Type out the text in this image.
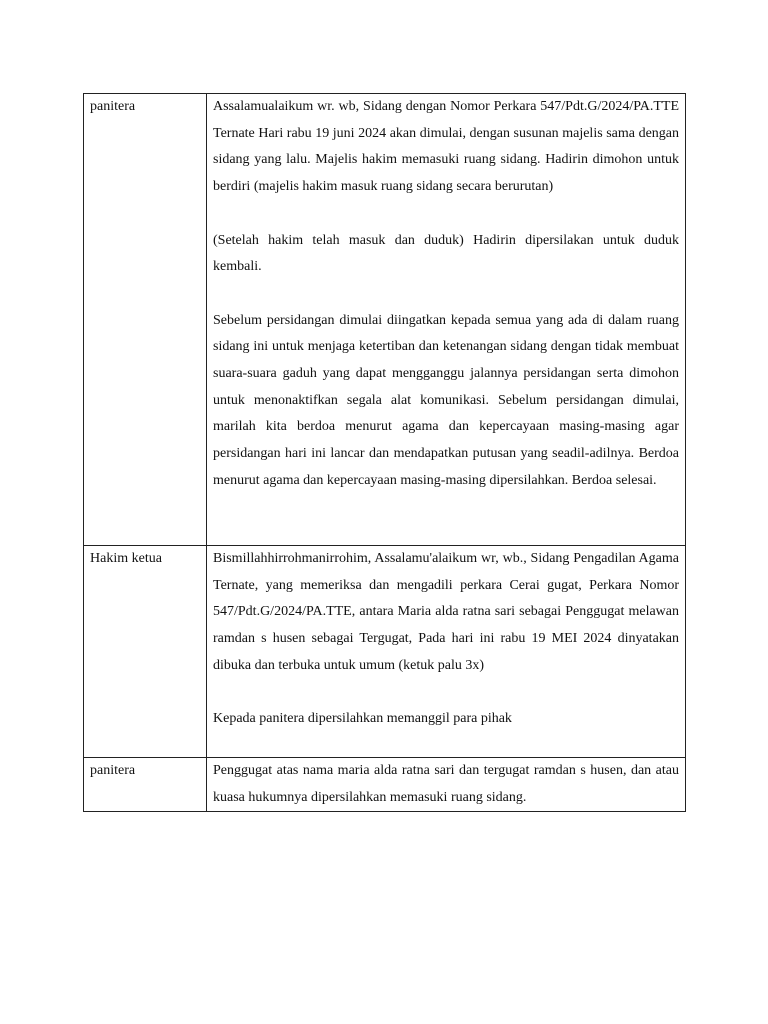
panitera	Assalamualaikum wr. wb, Sidang dengan Nomor Perkara 547/Pdt.G/2024/PA.TTE Ternate Hari rabu 19 juni 2024 akan dimulai, dengan susunan majelis sama dengan sidang yang lalu. Majelis hakim memasuki ruang sidang. Hadirin dimohon untuk berdiri (majelis hakim masuk ruang sidang secara berurutan)

(Setelah hakim telah masuk dan duduk) Hadirin dipersilakan untuk duduk kembali.

Sebelum persidangan dimulai diingatkan kepada semua yang ada di dalam ruang sidang ini untuk menjaga ketertiban dan ketenangan sidang dengan tidak membuat suara-suara gaduh yang dapat mengganggu jalannya persidangan serta dimohon untuk menonaktifkan segala alat komunikasi. Sebelum persidangan dimulai, marilah kita berdoa menurut agama dan kepercayaan masing-masing agar persidangan hari ini lancar dan mendapatkan putusan yang seadil-adilnya. Berdoa menurut agama dan kepercayaan masing-masing dipersilahkan. Berdoa selesai.

Hakim ketua	Bismillahhirrohmanirrohim, Assalamu'alaikum wr, wb., Sidang Pengadilan Agama Ternate, yang memeriksa dan mengadili perkara Cerai gugat, Perkara Nomor 547/Pdt.G/2024/PA.TTE, antara Maria alda ratna sari sebagai Penggugat melawan ramdan s husen sebagai Tergugat, Pada hari ini rabu 19 MEI 2024 dinyatakan dibuka dan terbuka untuk umum (ketuk palu 3x)

Kepada panitera dipersilahkan memanggil para pihak

panitera	Penggugat atas nama maria alda ratna sari dan tergugat ramdan s husen, dan atau kuasa hukumnya dipersilahkan memasuki ruang sidang.
